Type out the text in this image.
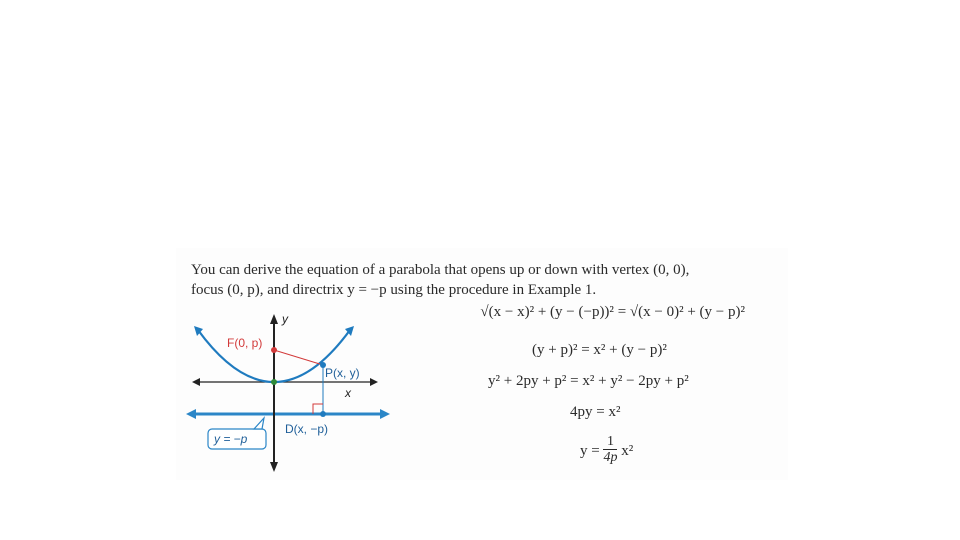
You can derive the equation of a parabola that opens up or down with vertex (0, 0),

focus (0, p), and directrix y = −p using the procedure in Example 1.

y
x
F(0, p)
P(x, y)
D(x, −p)
y = −p
√(x − x)² + (y − (−p))² = √(x − 0)² + (y − p)²
(y + p)² = x² + (y − p)²
y² + 2py + p² = x² + y² − 2py + p²
4py = x²
$y = \frac{1}{4p} x^2$
